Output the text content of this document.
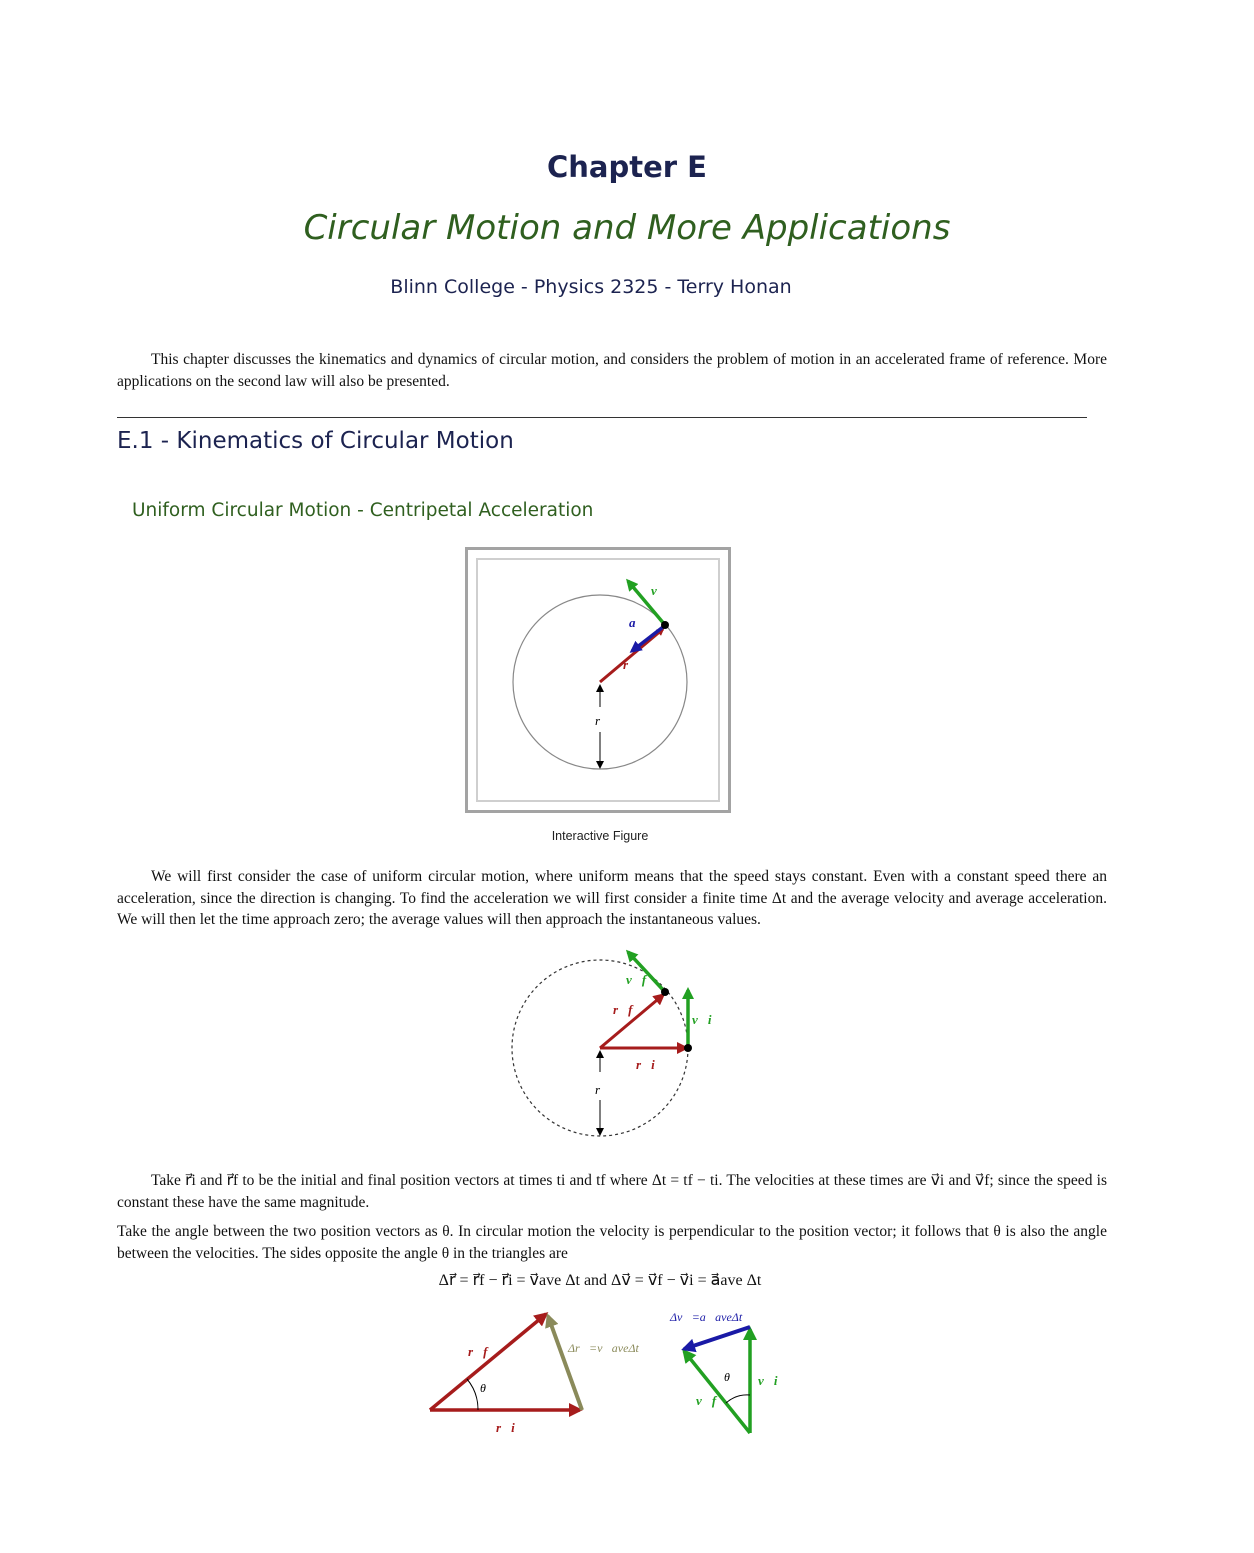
Chapter E
Circular Motion and More Applications
Blinn College - Physics 2325 - Terry Honan
This chapter discusses the kinematics and dynamics of circular motion, and considers the problem of motion in an accelerated frame of reference. More applications on the second law will also be presented.
E.1 - Kinematics of Circular Motion
Uniform Circular Motion - Centripetal Acceleration
v⃗
a⃗
r⃗
r
Interactive Figure
We will first consider the case of uniform circular motion, where uniform means that the speed stays constant. Even with a constant speed there an acceleration, since the direction is changing. To find the acceleration we will first consider a finite time Δt and the average velocity and average acceleration. We will then let the time approach zero; the average values will then approach the instantaneous values.
v⃗f
v⃗i
r⃗f
r⃗i
r
Take r⃗i and r⃗f to be the initial and final position vectors at times ti and tf where Δt = tf − ti. The velocities at these times are v⃗i and v⃗f; since the speed is constant these have the same magnitude.
Take the angle between the two position vectors as θ. In circular motion the velocity is perpendicular to the position vector; it follows that θ is also the angle between the velocities. The sides opposite the angle θ in the triangles are
Δr⃗ = r⃗f − r⃗i = v⃗ave Δt and Δv⃗ = v⃗f − v⃗i = a⃗ave Δt
θ
r⃗f
r⃗i
Δr⃗=v⃗aveΔt
θ
Δv⃗=a⃗aveΔt
v⃗f
v⃗i
